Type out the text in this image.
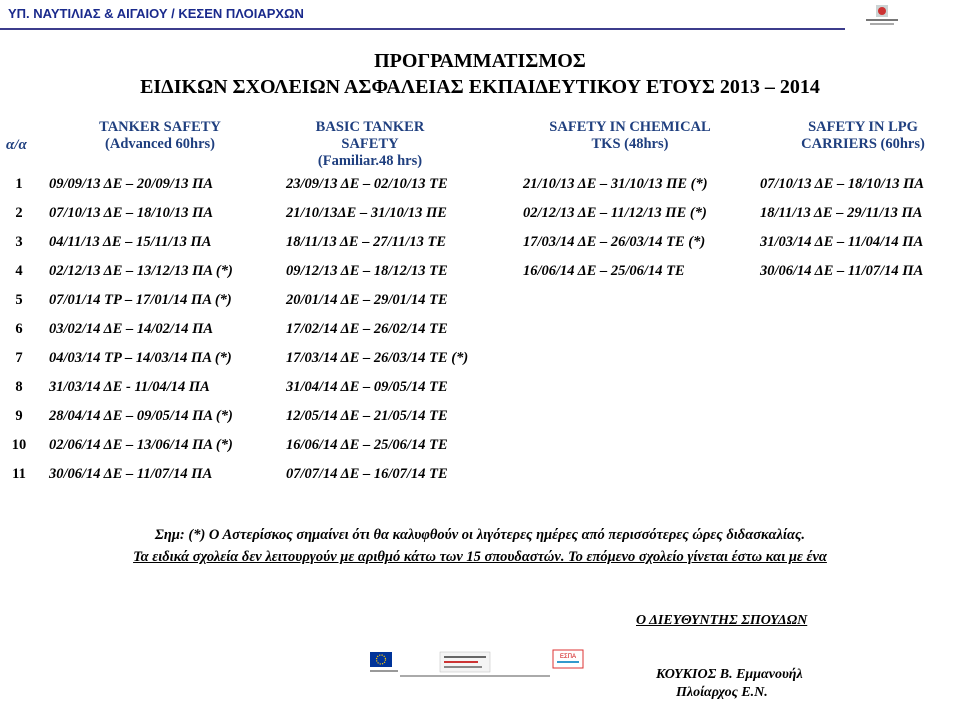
ΥΠ. ΝΑΥΤΙΛΙΑΣ & ΑΙΓΑΙΟΥ / ΚΕΣΕΝ ΠΛΟΙΑΡΧΩΝ
ΠΡΟΓΡΑΜΜΑΤΙΣΜΟΣ
ΕΙΔΙΚΩΝ ΣΧΟΛΕΙΩΝ ΑΣΦΑΛΕΙΑΣ ΕΚΠΑΙΔΕΥΤΙΚΟΥ ΕΤΟΥΣ 2013 – 2014
α/α
TANKER SAFETY
(Advanced 60hrs)
BASIC TANKER
SAFETY
(Familiar.48 hrs)
SAFETY IN CHEMICAL
TKS (48hrs)
SAFETY IN LPG
CARRIERS (60hrs)
1	09/09/13 ΔΕ – 20/09/13 ΠΑ	23/09/13 ΔΕ – 02/10/13 ΤΕ	21/10/13 ΔΕ – 31/10/13 ΠΕ (*)	07/10/13 ΔΕ – 18/10/13 ΠΑ
2	07/10/13 ΔΕ – 18/10/13 ΠΑ	21/10/13ΔΕ – 31/10/13 ΠΕ	02/12/13 ΔΕ – 11/12/13 ΠΕ (*)	18/11/13 ΔΕ – 29/11/13 ΠΑ
3	04/11/13 ΔΕ – 15/11/13 ΠΑ	18/11/13 ΔΕ – 27/11/13 ΤΕ	17/03/14 ΔΕ – 26/03/14 ΤΕ (*)	31/03/14 ΔΕ – 11/04/14 ΠΑ
4	02/12/13 ΔΕ – 13/12/13 ΠΑ (*)	09/12/13 ΔΕ – 18/12/13 ΤΕ	16/06/14 ΔΕ – 25/06/14 ΤΕ	30/06/14 ΔΕ – 11/07/14 ΠΑ
5	07/01/14 ΤΡ – 17/01/14 ΠΑ (*)	20/01/14 ΔΕ – 29/01/14 ΤΕ
6	03/02/14 ΔΕ – 14/02/14 ΠΑ	17/02/14 ΔΕ – 26/02/14 ΤΕ
7	04/03/14 ΤΡ – 14/03/14 ΠΑ (*)	17/03/14 ΔΕ – 26/03/14 ΤΕ (*)
8	31/03/14 ΔΕ - 11/04/14 ΠΑ	31/04/14 ΔΕ – 09/05/14 ΤΕ
9	28/04/14 ΔΕ – 09/05/14 ΠΑ (*)	12/05/14 ΔΕ – 21/05/14 ΤΕ
10	02/06/14 ΔΕ – 13/06/14 ΠΑ (*)	16/06/14 ΔΕ – 25/06/14 ΤΕ
11	30/06/14 ΔΕ – 11/07/14 ΠΑ	07/07/14 ΔΕ – 16/07/14 ΤΕ
Σημ: (*) Ο Αστερίσκος σημαίνει ότι θα καλυφθούν οι λιγότερες ημέρες από περισσότερες ώρες διδασκαλίας.
Τα ειδικά σχολεία δεν λειτουργούν με αριθμό κάτω των 15 σπουδαστών. Το επόμενο σχολείο γίνεται έστω και με ένα
Ο ΔΙΕΥΘΥΝΤΗΣ ΣΠΟΥΔΩΝ
ΚΟΥΚΙΟΣ Β. Εμμανουήλ
Πλοίαρχος Ε.Ν.
ΕΣΠΑ
